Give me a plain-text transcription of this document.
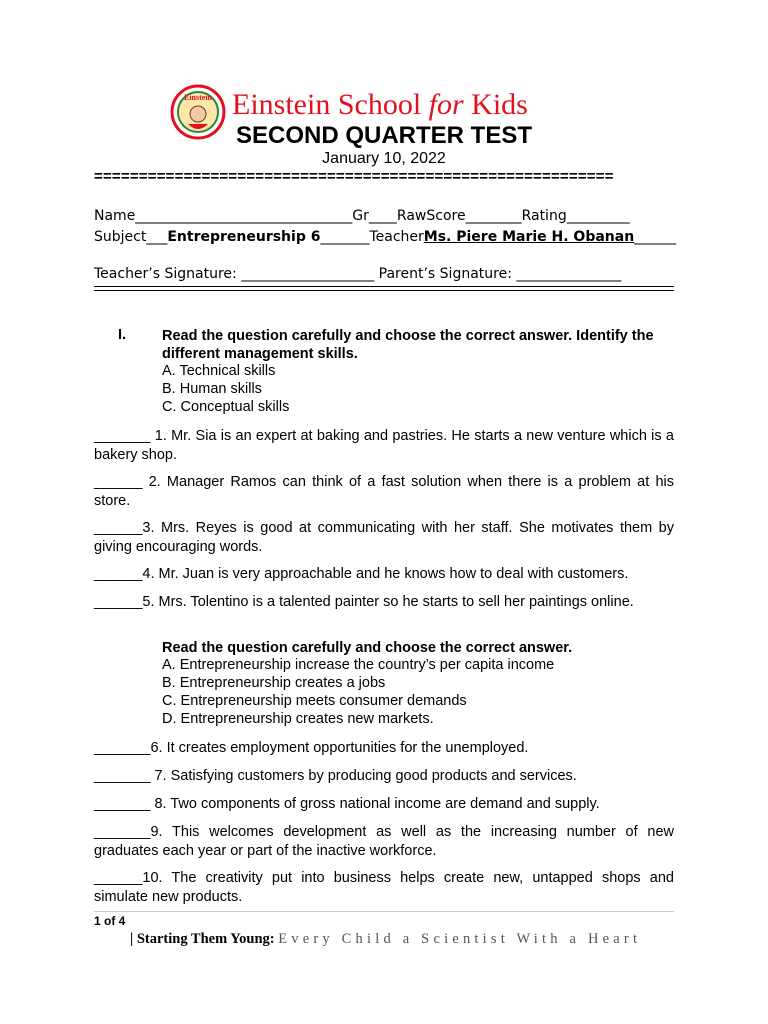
Einstein Einstein School for Kids
SECOND QUARTER TEST
January 10, 2022
==========================================================
Name_______________________________Gr____RawScore________Rating_________
Subject___Entrepreneurship 6_______TeacherMs. Piere Marie H. Obanan______
Teacher’s Signature: ___________________ Parent’s Signature: _______________
I. Read the question carefully and choose the correct answer. Identify the different management skills.
A. Technical skills
B. Human skills
C. Conceptual skills
_______ 1. Mr. Sia is an expert at baking and pastries. He starts a new venture which is a bakery shop.
______ 2. Manager Ramos can think of a fast solution when there is a problem at his store.
______3. Mrs. Reyes is good at communicating with her staff. She motivates them by giving encouraging words.
______4. Mr. Juan is very approachable and he knows how to deal with customers.
______5. Mrs. Tolentino is a talented painter so he starts to sell her paintings online.
Read the question carefully and choose the correct answer.
A. Entrepreneurship increase the country’s per capita income
B. Entrepreneurship creates a jobs
C. Entrepreneurship meets consumer demands
D. Entrepreneurship creates new markets.
_______6. It creates employment opportunities for the unemployed.
_______ 7. Satisfying customers by producing good products and services.
_______ 8. Two components of gross national income are demand and supply.
_______9. This welcomes development as well as the increasing number of new graduates each year or part of the inactive workforce.
______10. The creativity put into business helps create new, untapped shops and simulate new products.
1 of 4
| Starting Them Young: Every Child a Scientist With a Heart
